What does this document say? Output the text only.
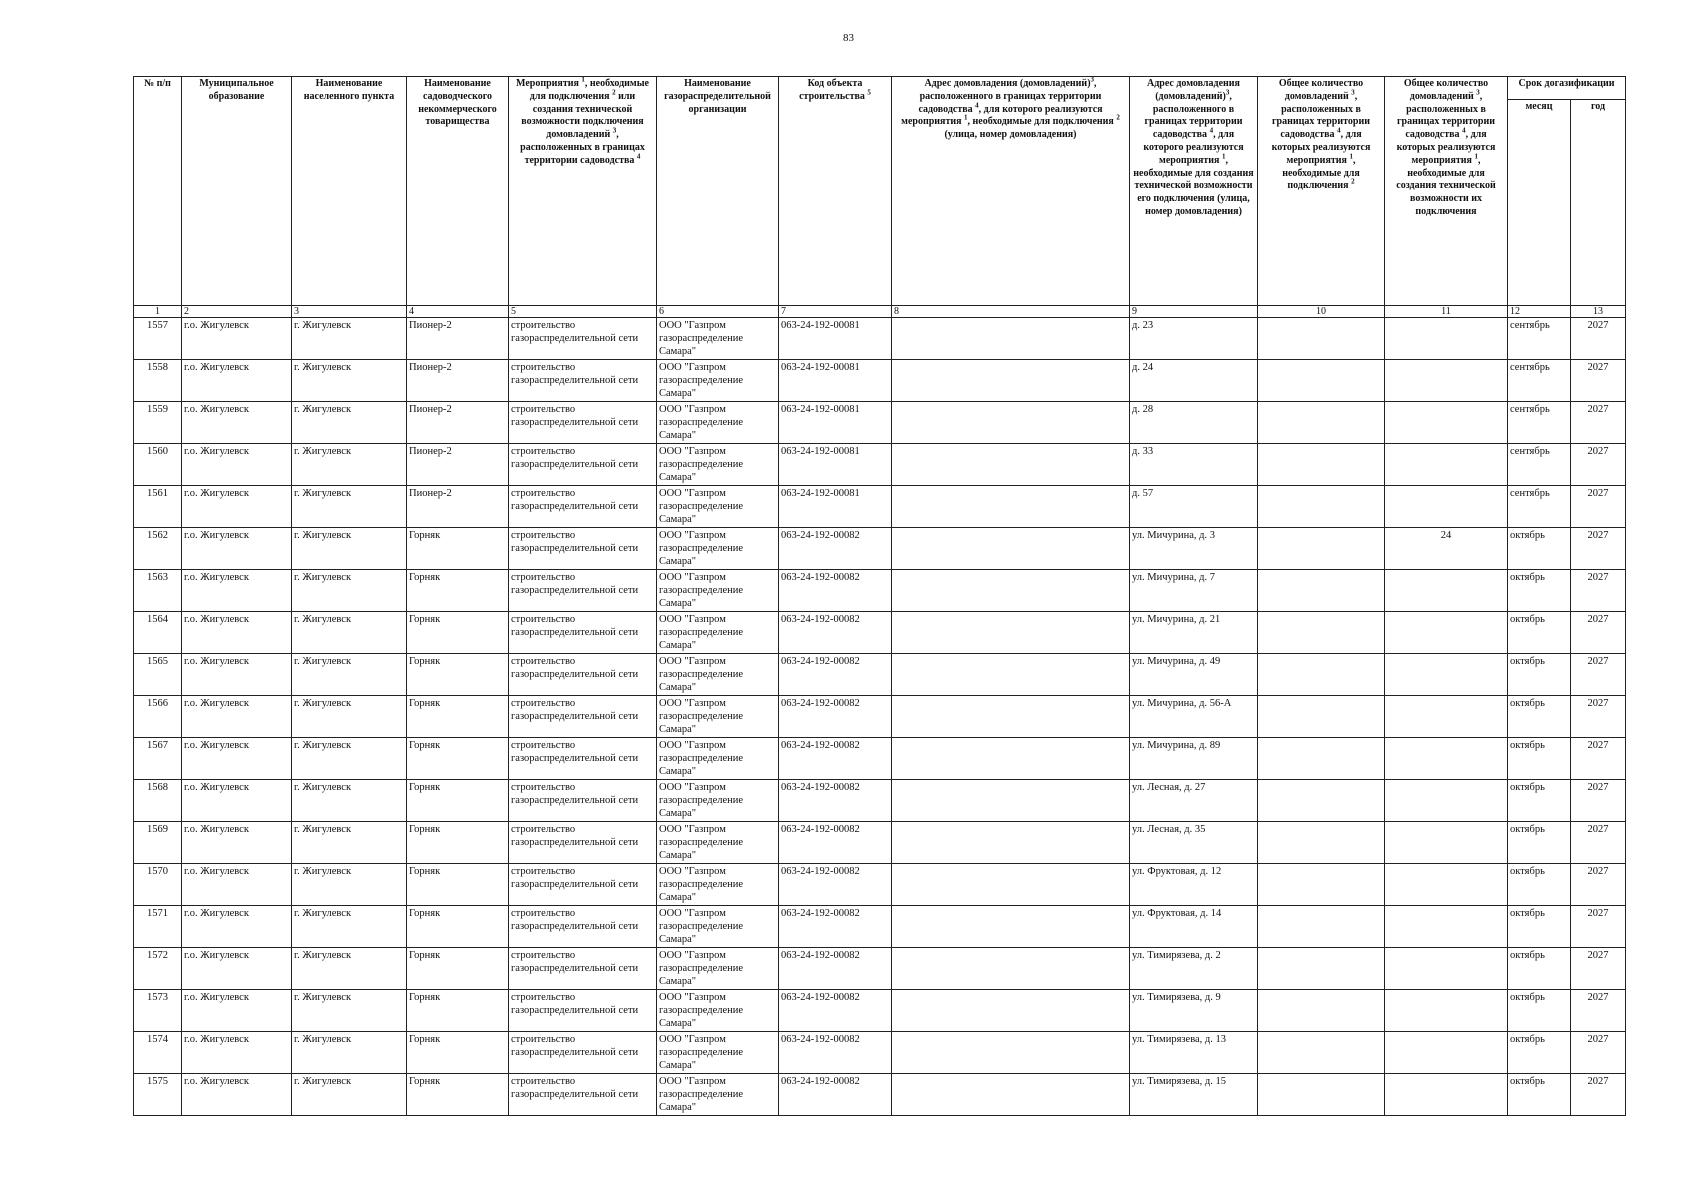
83
№ п/п	Муниципальное образование	Наименование населенного пункта	Наименование садоводческого некоммерческого товарищества	Мероприятия $^1$, необходимые для подключения $^2$ или создания технической возможности подключения домовладений $^3$, расположенных в границах территории садоводства $^4$	Наименование газораспределительной организации	Код объекта строительства $^5$	Адрес домовладения (домовладений)$^3$, расположенного в границах территории садоводства $^4$, для которого реализуются мероприятия $^1$, необходимые для подключения $^2$ (улица, номер домовладения)	Адрес домовладения (домовладений)$^3$, расположенного в границах территории садоводства $^4$, для которого реализуются мероприятия $^1$, необходимые для создания технической возможности его подключения (улица, номер домовладения)	Общее количество домовладений $^3$, расположенных в границах территории садоводства $^4$, для которых реализуются мероприятия $^1$, необходимые для подключения $^2$	Общее количество домовладений $^3$, расположенных в границах территории садоводства $^4$, для которых реализуются мероприятия $^1$, необходимые для создания технической возможности их подключения	Срок догазификации	
											месяц	год
1	2	3	4	5	6	7	8	9	10	11	12	13
1557	г.о. Жигулевск	г. Жигулевск	Пионер-2	строительство газораспределительной сети	ООО "Газпром газораспределение Самара"	063-24-192-00081		д. 23			сентябрь	2027
1558	г.о. Жигулевск	г. Жигулевск	Пионер-2	строительство газораспределительной сети	ООО "Газпром газораспределение Самара"	063-24-192-00081		д. 24			сентябрь	2027
1559	г.о. Жигулевск	г. Жигулевск	Пионер-2	строительство газораспределительной сети	ООО "Газпром газораспределение Самара"	063-24-192-00081		д. 28			сентябрь	2027
1560	г.о. Жигулевск	г. Жигулевск	Пионер-2	строительство газораспределительной сети	ООО "Газпром газораспределение Самара"	063-24-192-00081		д. 33			сентябрь	2027
1561	г.о. Жигулевск	г. Жигулевск	Пионер-2	строительство газораспределительной сети	ООО "Газпром газораспределение Самара"	063-24-192-00081		д. 57			сентябрь	2027
1562	г.о. Жигулевск	г. Жигулевск	Горняк	строительство газораспределительной сети	ООО "Газпром газораспределение Самара"	063-24-192-00082		ул. Мичурина, д. 3		24	октябрь	2027
1563	г.о. Жигулевск	г. Жигулевск	Горняк	строительство газораспределительной сети	ООО "Газпром газораспределение Самара"	063-24-192-00082		ул. Мичурина, д. 7			октябрь	2027
1564	г.о. Жигулевск	г. Жигулевск	Горняк	строительство газораспределительной сети	ООО "Газпром газораспределение Самара"	063-24-192-00082		ул. Мичурина, д. 21			октябрь	2027
1565	г.о. Жигулевск	г. Жигулевск	Горняк	строительство газораспределительной сети	ООО "Газпром газораспределение Самара"	063-24-192-00082		ул. Мичурина, д. 49			октябрь	2027
1566	г.о. Жигулевск	г. Жигулевск	Горняк	строительство газораспределительной сети	ООО "Газпром газораспределение Самара"	063-24-192-00082		ул. Мичурина, д. 56-А			октябрь	2027
1567	г.о. Жигулевск	г. Жигулевск	Горняк	строительство газораспределительной сети	ООО "Газпром газораспределение Самара"	063-24-192-00082		ул. Мичурина, д. 89			октябрь	2027
1568	г.о. Жигулевск	г. Жигулевск	Горняк	строительство газораспределительной сети	ООО "Газпром газораспределение Самара"	063-24-192-00082		ул. Лесная, д. 27			октябрь	2027
1569	г.о. Жигулевск	г. Жигулевск	Горняк	строительство газораспределительной сети	ООО "Газпром газораспределение Самара"	063-24-192-00082		ул. Лесная, д. 35			октябрь	2027
1570	г.о. Жигулевск	г. Жигулевск	Горняк	строительство газораспределительной сети	ООО "Газпром газораспределение Самара"	063-24-192-00082		ул. Фруктовая, д. 12			октябрь	2027
1571	г.о. Жигулевск	г. Жигулевск	Горняк	строительство газораспределительной сети	ООО "Газпром газораспределение Самара"	063-24-192-00082		ул. Фруктовая, д. 14			октябрь	2027
1572	г.о. Жигулевск	г. Жигулевск	Горняк	строительство газораспределительной сети	ООО "Газпром газораспределение Самара"	063-24-192-00082		ул. Тимирязева, д. 2			октябрь	2027
1573	г.о. Жигулевск	г. Жигулевск	Горняк	строительство газораспределительной сети	ООО "Газпром газораспределение Самара"	063-24-192-00082		ул. Тимирязева, д. 9			октябрь	2027
1574	г.о. Жигулевск	г. Жигулевск	Горняк	строительство газораспределительной сети	ООО "Газпром газораспределение Самара"	063-24-192-00082		ул. Тимирязева, д. 13			октябрь	2027
1575	г.о. Жигулевск	г. Жигулевск	Горняк	строительство газораспределительной сети	ООО "Газпром газораспределение Самара"	063-24-192-00082		ул. Тимирязева, д. 15			октябрь	2027
